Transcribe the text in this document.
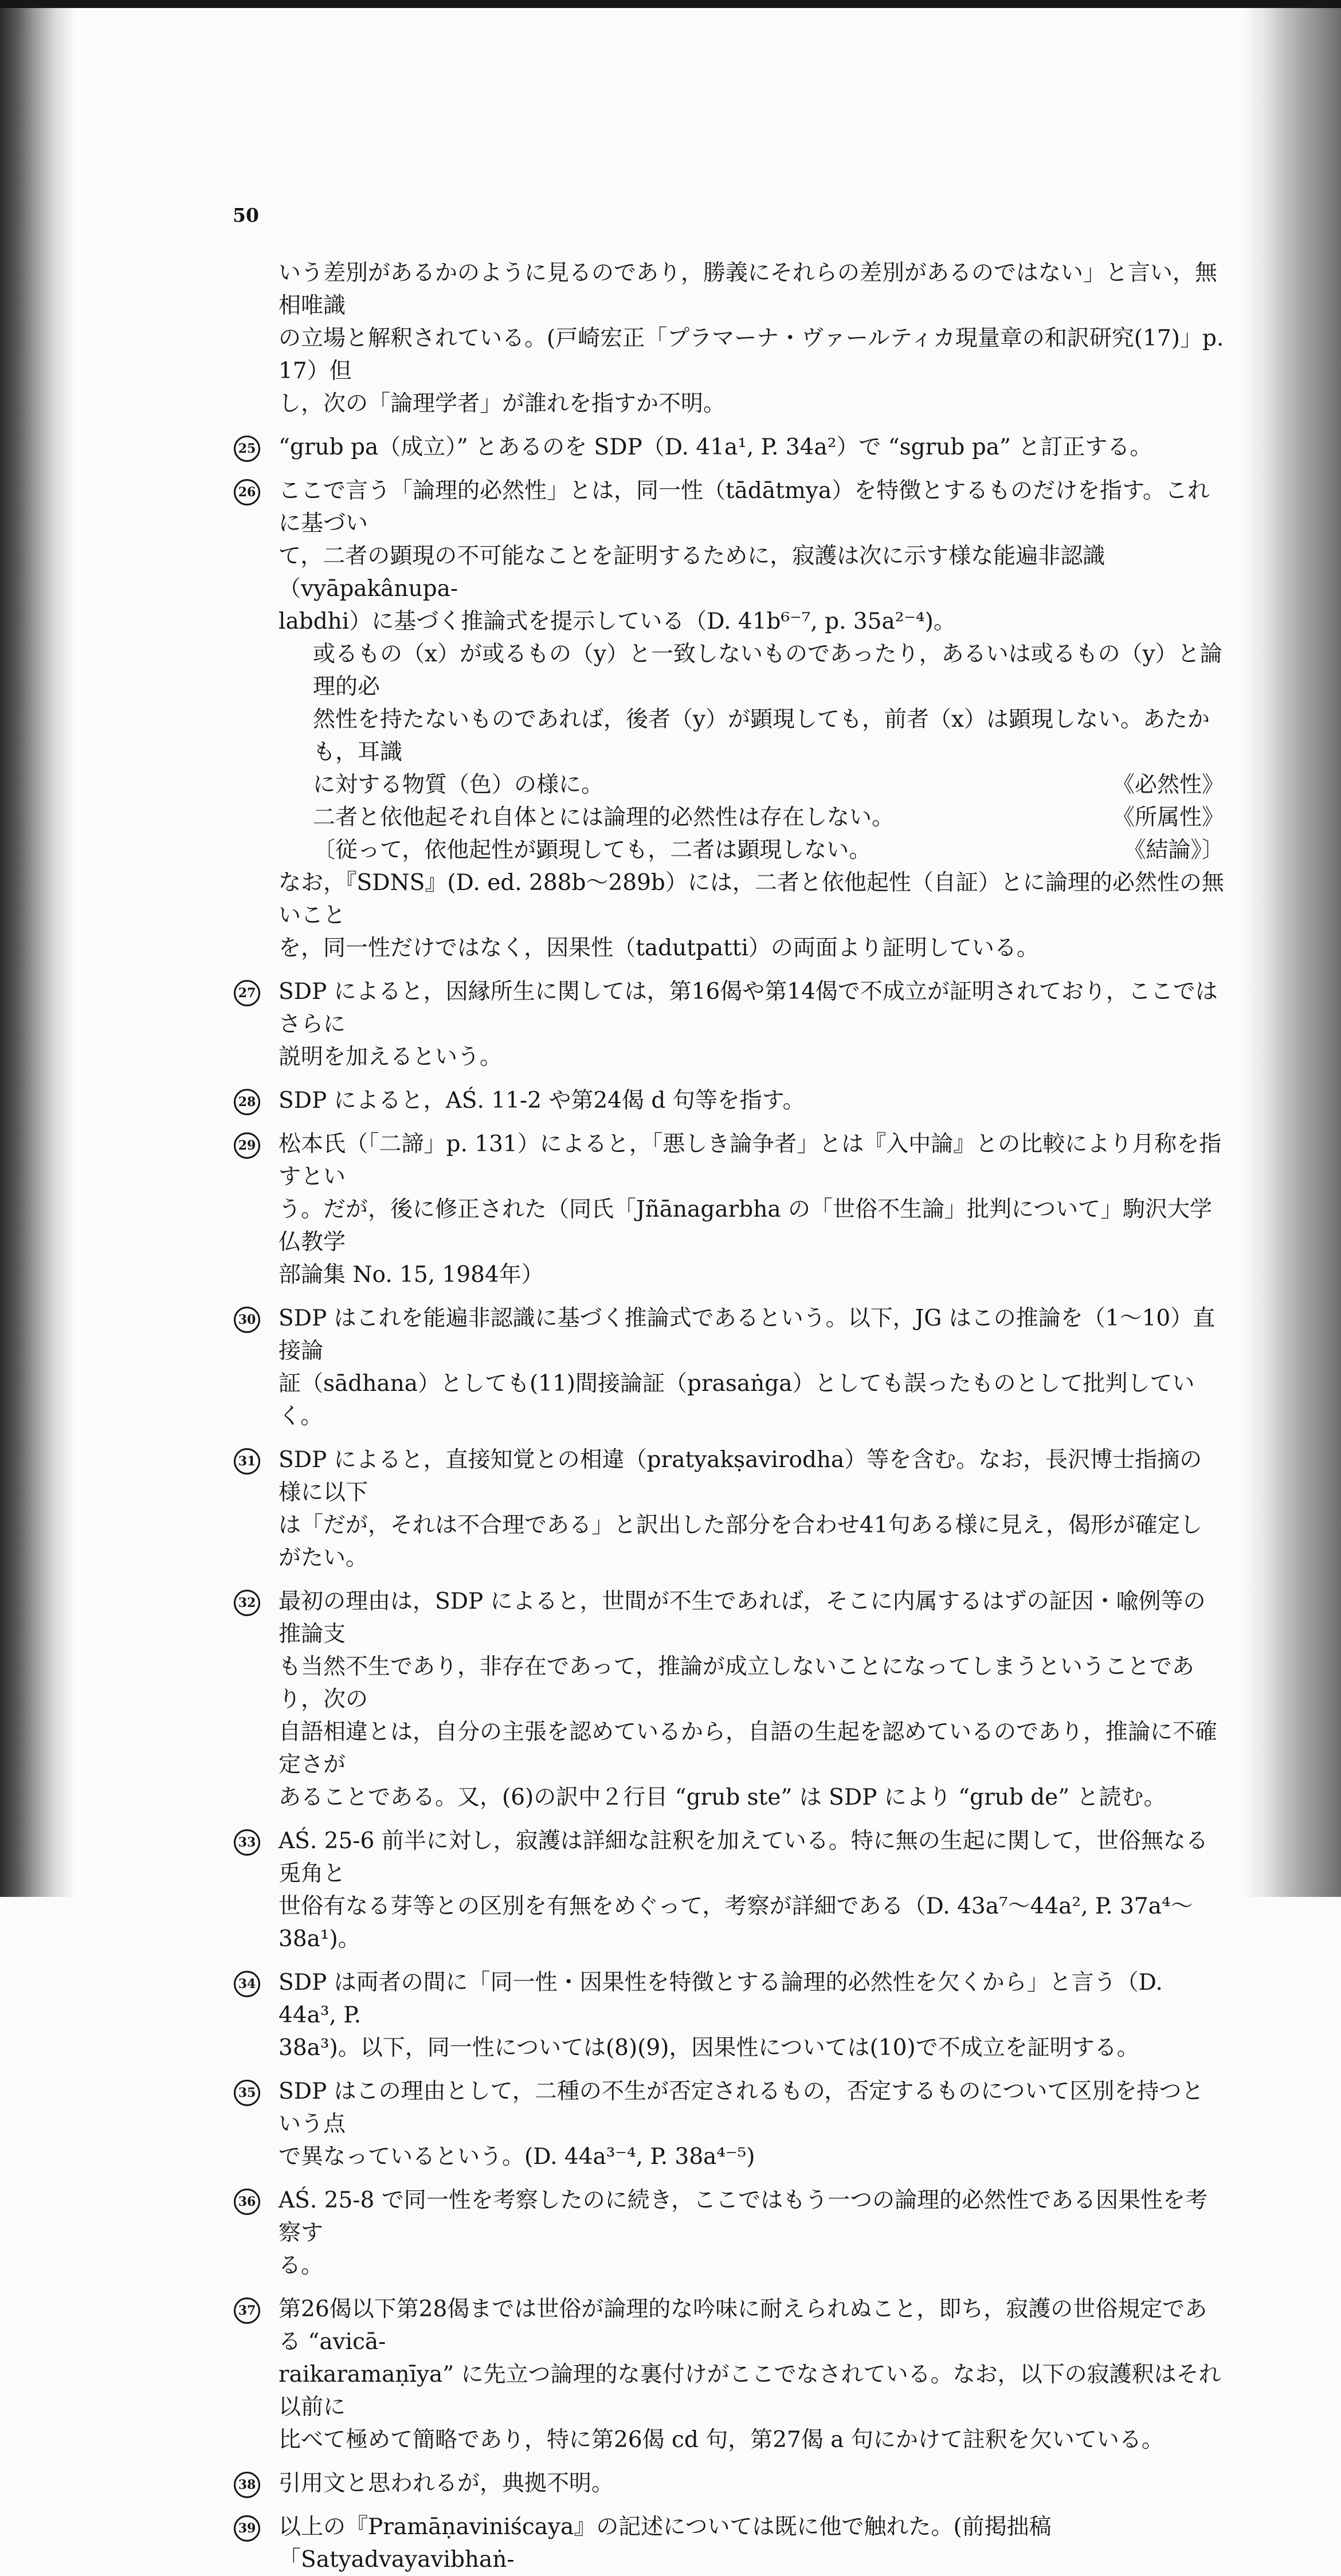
50
いう差別があるかのように見るのであり，勝義にそれらの差別があるのではない」と言い，無相唯識
の立場と解釈されている。(戸崎宏正「プラマーナ・ヴァールティカ現量章の和訳研究(17)」p. 17）但
し，次の「論理学者」が誰れを指すか不明。
25 “grub pa（成立）” とあるのを SDP（D. 41a¹, P. 34a²）で “sgrub pa” と訂正する。
26 ここで言う「論理的必然性」とは，同一性（tādātmya）を特徴とするものだけを指す。これに基づい
て，二者の顕現の不可能なことを証明するために，寂護は次に示す様な能遍非認識（vyāpakânupa-
labdhi）に基づく推論式を提示している（D. 41b⁶⁻⁷, p. 35a²⁻⁴)。
或るもの（x）が或るもの（y）と一致しないものであったり，あるいは或るもの（y）と論理的必
然性を持たないものであれば，後者（y）が顕現しても，前者（x）は顕現しない。あたかも，耳識
に対する物質（色）の様に。	《必然性》
二者と依他起それ自体とには論理的必然性は存在しない。	《所属性》
〔従って，依他起性が顕現しても，二者は顕現しない。	《結論》〕
なお，『SDNS』(D. ed. 288b～289b）には，二者と依他起性（自証）とに論理的必然性の無いこと
を，同一性だけではなく，因果性（tadutpatti）の両面より証明している。
27 SDP によると，因縁所生に関しては，第16偈や第14偈で不成立が証明されており，ここではさらに
説明を加えるという。
28 SDP によると，AŚ. 11-2 や第24偈 d 句等を指す。
29 松本氏（「二諦」p. 131）によると，「悪しき論争者」とは『入中論』との比較により月称を指すとい
う。だが，後に修正された（同氏「Jñānagarbha の「世俗不生論」批判について」駒沢大学仏教学
部論集 No. 15, 1984年）
30 SDP はこれを能遍非認識に基づく推論式であるという。以下，JG はこの推論を（1～10）直接論
証（sādhana）としても(11)間接論証（prasaṅga）としても誤ったものとして批判していく。
31 SDP によると，直接知覚との相違（pratyakṣavirodha）等を含む。なお，長沢博士指摘の様に以下
は「だが，それは不合理である」と訳出した部分を合わせ41句ある様に見え，偈形が確定しがたい。
32 最初の理由は，SDP によると，世間が不生であれば，そこに内属するはずの証因・喩例等の推論支
も当然不生であり，非存在であって，推論が成立しないことになってしまうということであり，次の
自語相違とは，自分の主張を認めているから，自語の生起を認めているのであり，推論に不確定さが
あることである。又，(6)の訳中２行目 “grub ste” は SDP により “grub de” と読む。
33 AŚ. 25-6 前半に対し，寂護は詳細な註釈を加えている。特に無の生起に関して，世俗無なる兎角と
世俗有なる芽等との区別を有無をめぐって，考察が詳細である（D. 43a⁷～44a², P. 37a⁴～38a¹)。
34 SDP は両者の間に「同一性・因果性を特徴とする論理的必然性を欠くから」と言う（D. 44a³, P.
38a³)。以下，同一性については(8)(9)，因果性については(10)で不成立を証明する。
35 SDP はこの理由として，二種の不生が否定されるもの，否定するものについて区別を持つという点
で異なっているという。(D. 44a³⁻⁴, P. 38a⁴⁻⁵)
36 AŚ. 25-8 で同一性を考察したのに続き，ここではもう一つの論理的必然性である因果性を考察す
る。
37 第26偈以下第28偈までは世俗が論理的な吟味に耐えられぬこと，即ち，寂護の世俗規定である “avicā-
raikaramaṇīya” に先立つ論理的な裏付けがここでなされている。なお，以下の寂護釈はそれ以前に
比べて極めて簡略であり，特に第26偈 cd 句，第27偈 a 句にかけて註釈を欠いている。
38 引用文と思われるが，典拠不明。
39 以上の『Pramāṇaviniścaya』の記述については既に他で触れた。(前掲拙稿「Satyadvayavibhaṅ-
